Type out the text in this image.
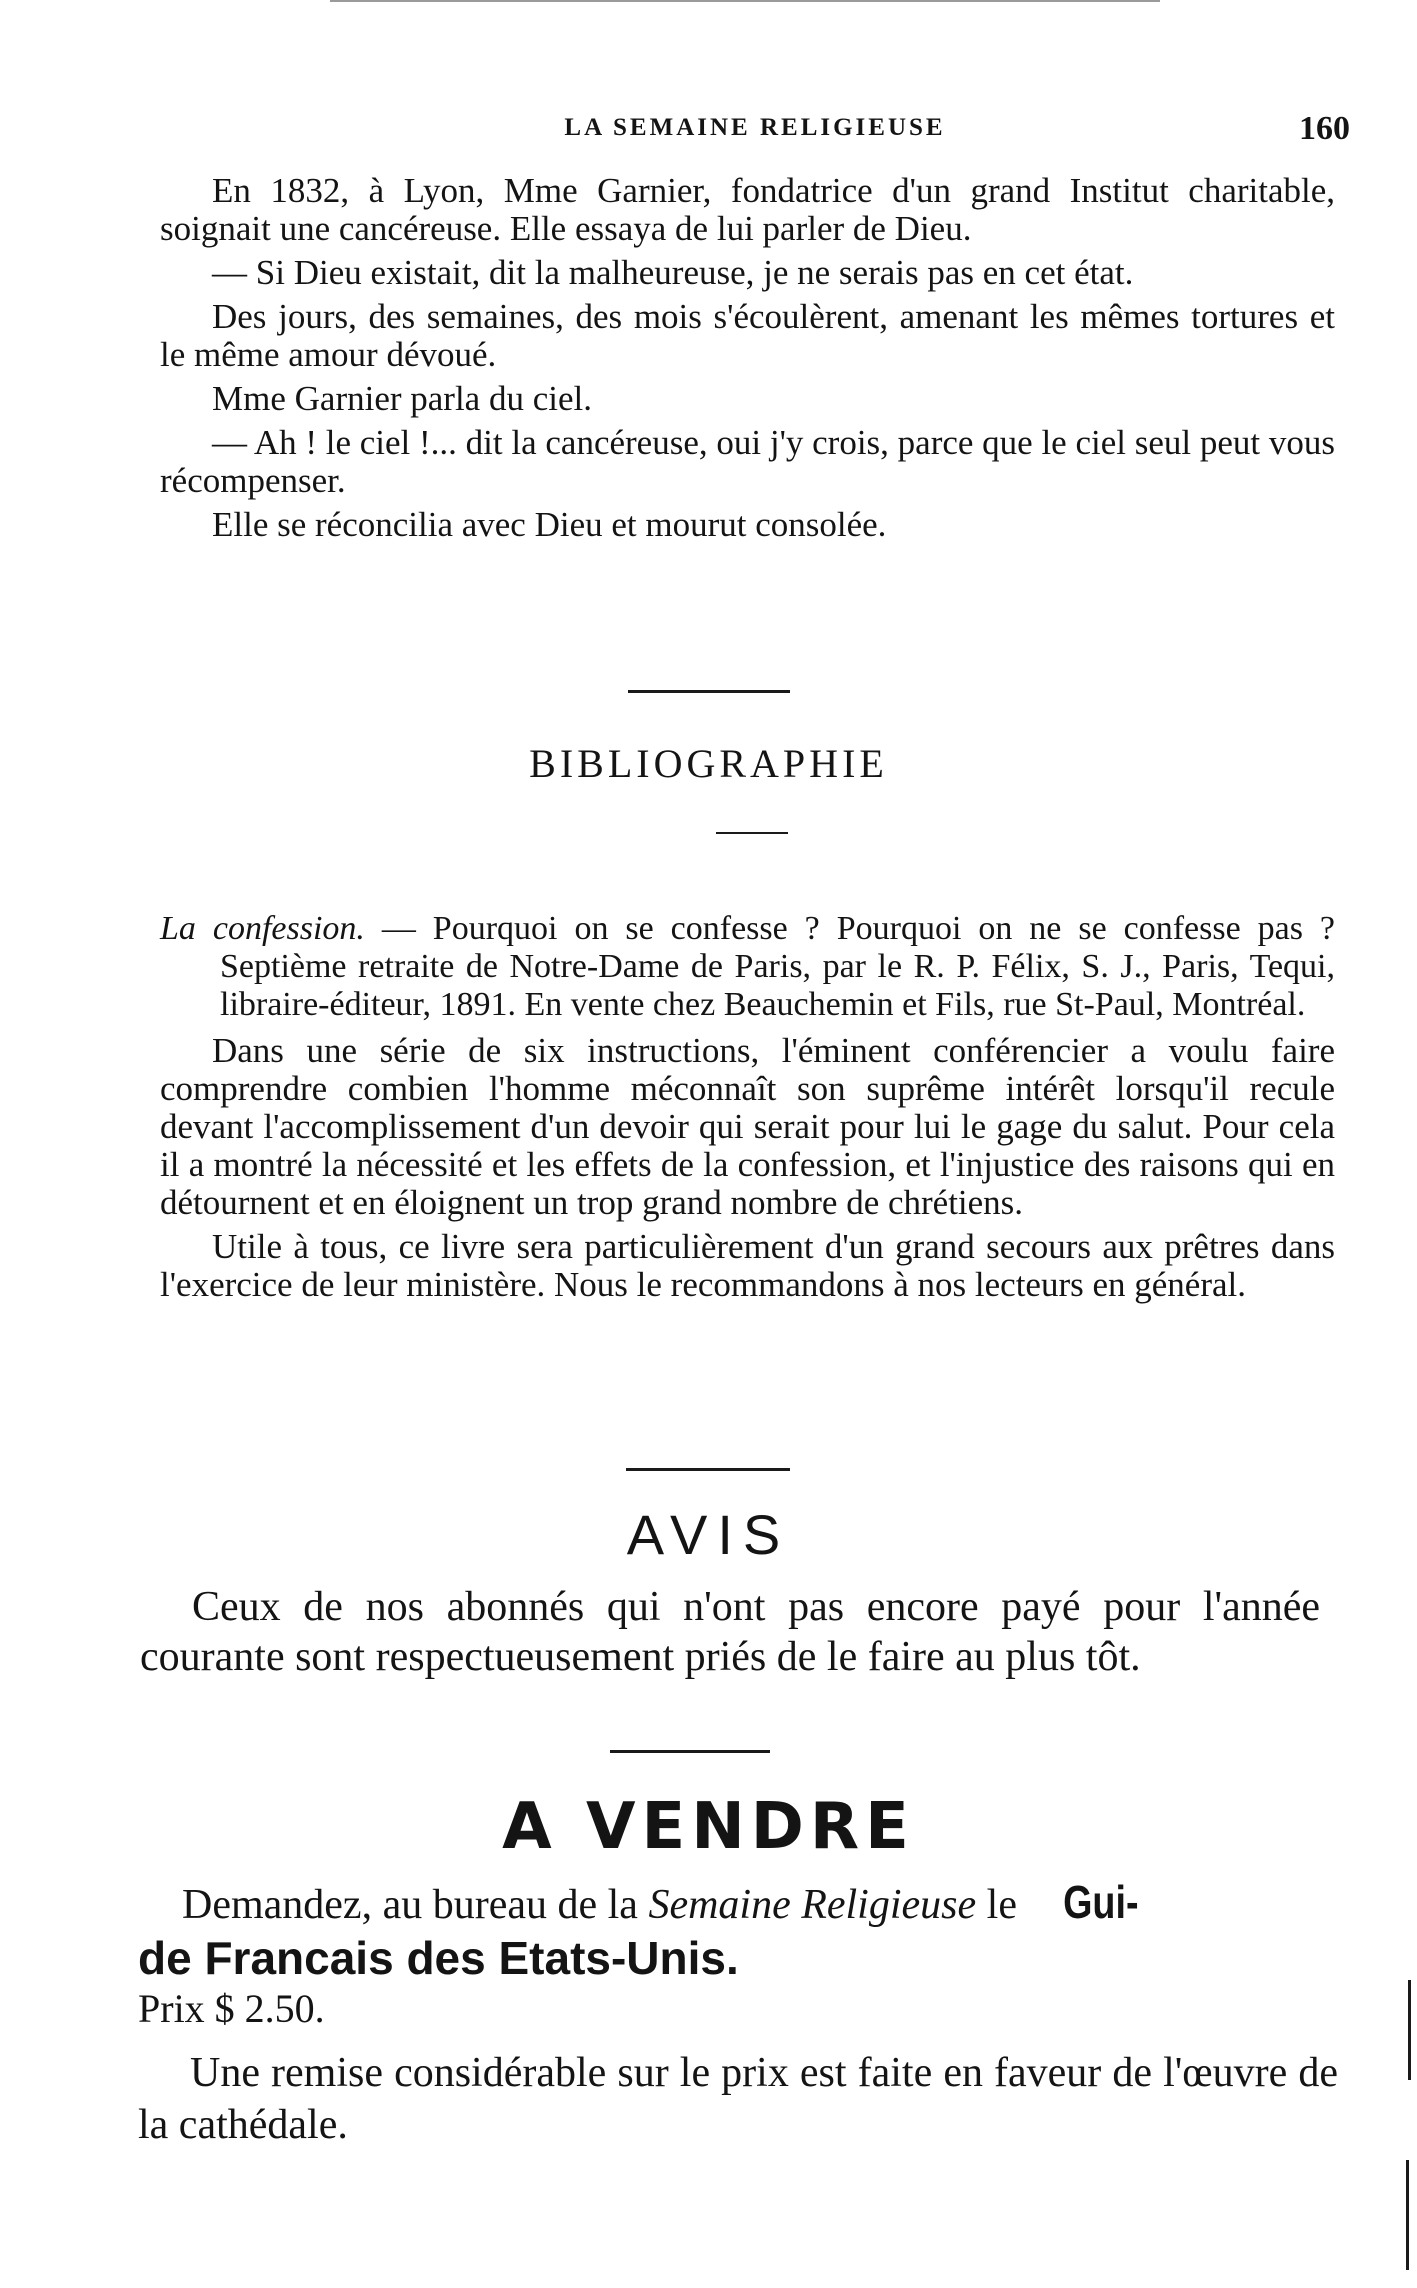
LA SEMAINE RELIGIEUSE	160

En 1832, à Lyon, Mme Garnier, fondatrice d'un grand Institut charitable, soignait une cancéreuse. Elle essaya de lui parler de Dieu.

— Si Dieu existait, dit la malheureuse, je ne serais pas en cet état.

Des jours, des semaines, des mois s'écoulèrent, amenant les mêmes tortures et le même amour dévoué.

Mme Garnier parla du ciel.

— Ah ! le ciel !... dit la cancéreuse, oui j'y crois, parce que le ciel seul peut vous récompenser.

Elle se réconcilia avec Dieu et mourut consolée.

BIBLIOGRAPHIE

La confession. — Pourquoi on se confesse ? Pourquoi on ne se confesse pas ? Septième retraite de Notre-Dame de Paris, par le R. P. Félix, S. J., Paris, Tequi, libraire-éditeur, 1891. En vente chez Beauchemin et Fils, rue St-Paul, Montréal.

Dans une série de six instructions, l'éminent conférencier a voulu faire comprendre combien l'homme méconnaît son suprême intérêt lorsqu'il recule devant l'accomplissement d'un devoir qui serait pour lui le gage du salut. Pour cela il a montré la nécessité et les effets de la confession, et l'injustice des raisons qui en détournent et en éloignent un trop grand nombre de chrétiens.

Utile à tous, ce livre sera particulièrement d'un grand secours aux prêtres dans l'exercice de leur ministère. Nous le recommandons à nos lecteurs en général.

AVIS

Ceux de nos abonnés qui n'ont pas encore payé pour l'année courante sont respectueusement priés de le faire au plus tôt.

A VENDRE

Demandez, au bureau de la Semaine Religieuse le Gui-

de Francais des Etats-Unis.

Prix $ 2.50.

Une remise considérable sur le prix est faite en faveur de l'œuvre de la cathédale.
